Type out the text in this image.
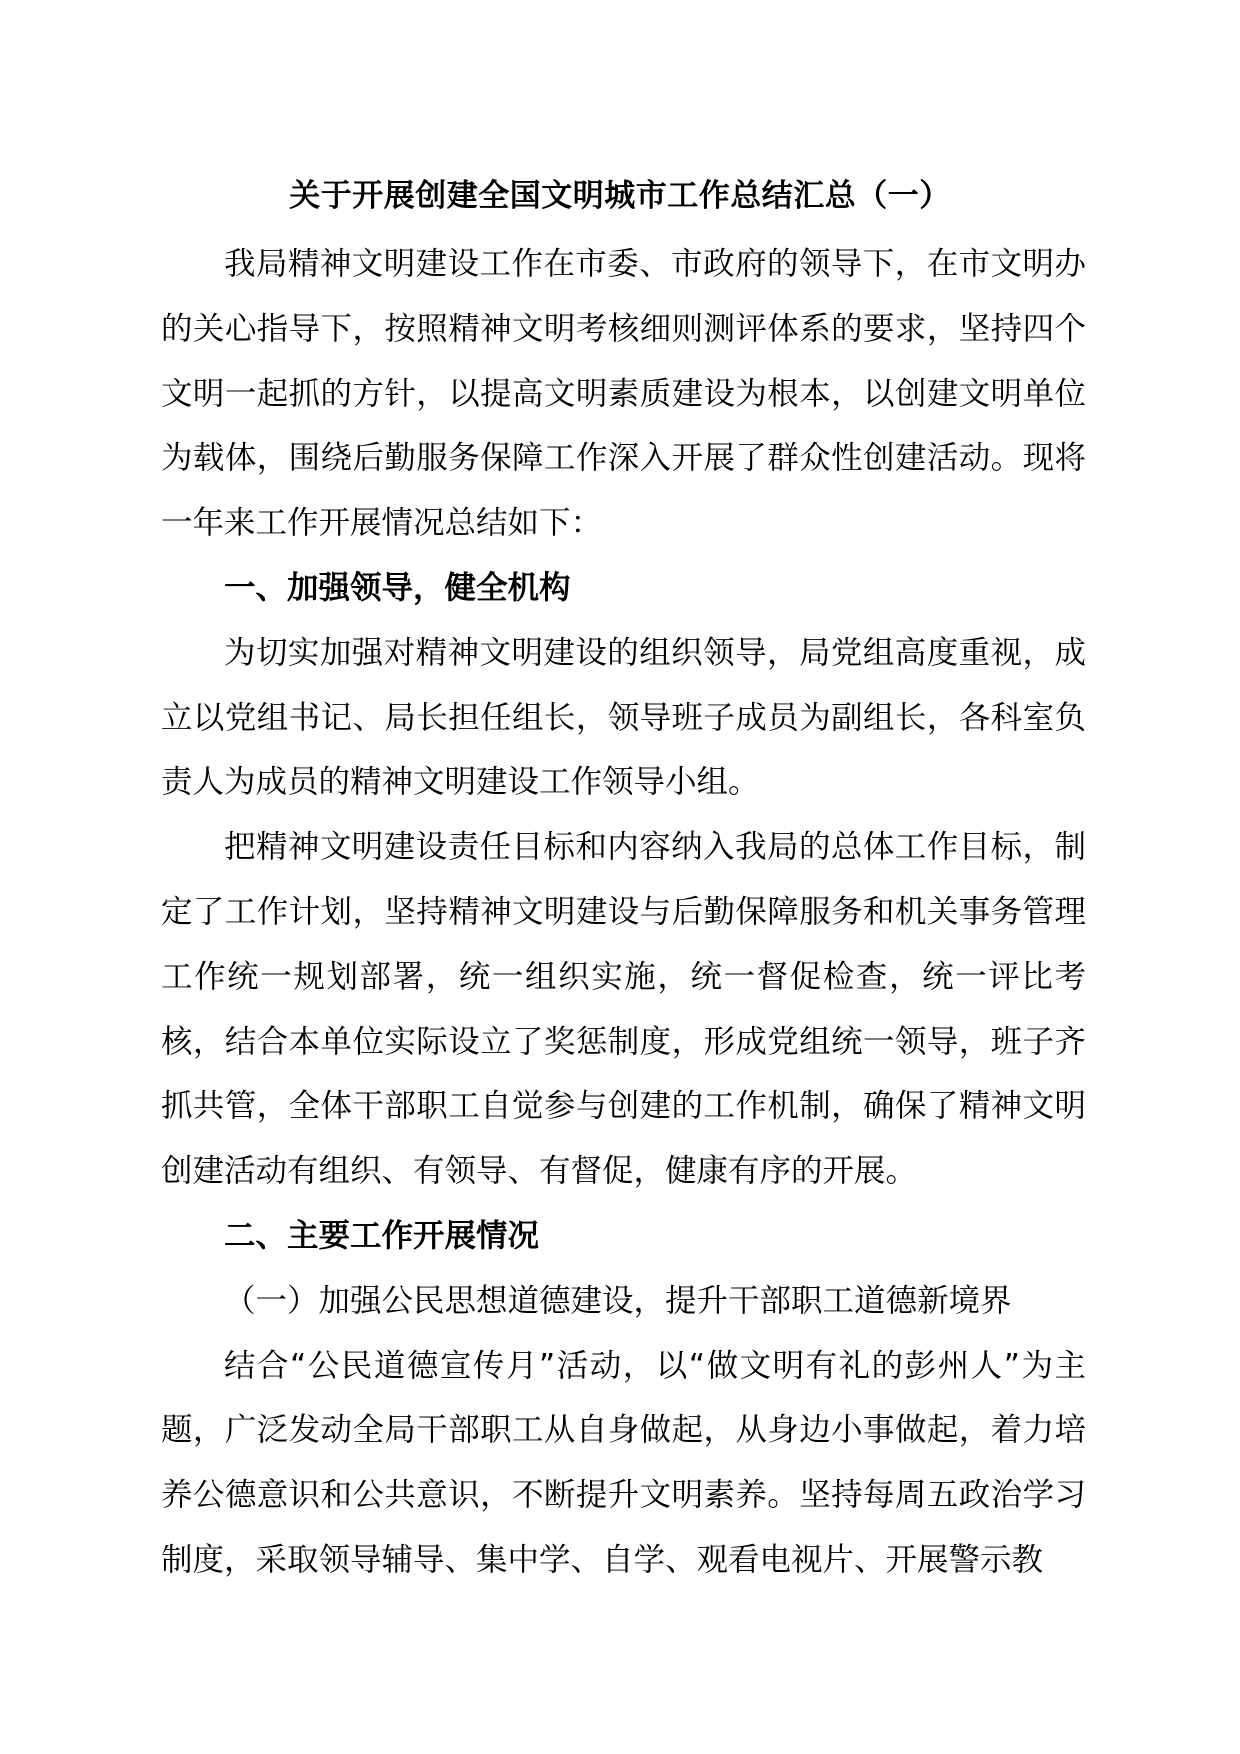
关于开展创建全国文明城市工作总结汇总（一）

我局精神文明建设工作在市委、市政府的领导下，在市文明办的关心指导下，按照精神文明考核细则测评体系的要求，坚持四个文明一起抓的方针，以提高文明素质建设为根本，以创建文明单位为载体，围绕后勤服务保障工作深入开展了群众性创建活动。现将一年来工作开展情况总结如下：

一、加强领导，健全机构

为切实加强对精神文明建设的组织领导，局党组高度重视，成立以党组书记、局长担任组长，领导班子成员为副组长，各科室负责人为成员的精神文明建设工作领导小组。

把精神文明建设责任目标和内容纳入我局的总体工作目标，制定了工作计划，坚持精神文明建设与后勤保障服务和机关事务管理工作统一规划部署，统一组织实施，统一督促检查，统一评比考核，结合本单位实际设立了奖惩制度，形成党组统一领导，班子齐抓共管，全体干部职工自觉参与创建的工作机制，确保了精神文明创建活动有组织、有领导、有督促，健康有序的开展。

二、主要工作开展情况

（一）加强公民思想道德建设，提升干部职工道德新境界

结合“公民道德宣传月”活动，以“做文明有礼的彭州人”为主题，广泛发动全局干部职工从自身做起，从身边小事做起，着力培养公德意识和公共意识，不断提升文明素养。坚持每周五政治学习制度，采取领导辅导、集中学、自学、观看电视片、开展警示教
